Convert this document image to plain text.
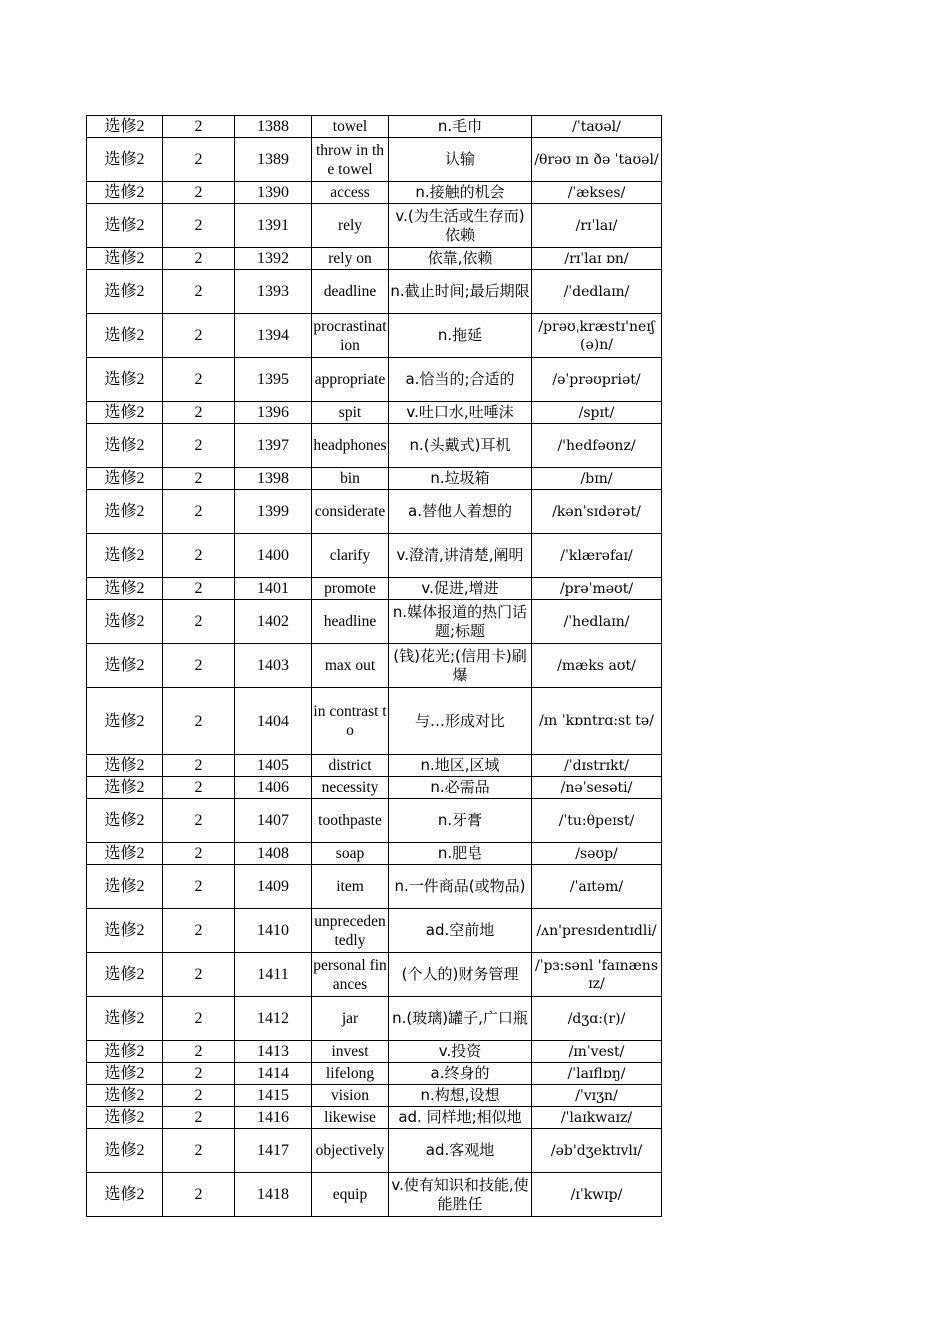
选修2	2	1388	towel	n.毛巾	/ˈtaʊəl/
选修2	2	1389	throw in the towel	认输	/θrəʊ ɪn ðə ˈtaʊəl/
选修2	2	1390	access	n.接触的机会	/ˈækses/
选修2	2	1391	rely	v.(为生活或生存而)依赖	/rɪˈlaɪ/
选修2	2	1392	rely on	依靠,依赖	/rɪˈlaɪ ɒn/
选修2	2	1393	deadline	n.截止时间;最后期限	/ˈdedlaɪn/
选修2	2	1394	procrastination	n.拖延	/prəʊˌkræstɪ'neɪʃ(ə)n/
选修2	2	1395	appropriate	a.恰当的;合适的	/əˈprəʊpriət/
选修2	2	1396	spit	v.吐口水,吐唾沫	/spɪt/
选修2	2	1397	headphones	n.(头戴式)耳机	/'hedfəʊnz/
选修2	2	1398	bin	n.垃圾箱	/bɪn/
选修2	2	1399	considerate	a.替他人着想的	/kənˈsɪdərət/
选修2	2	1400	clarify	v.澄清,讲清楚,阐明	/ˈklærəfaɪ/
选修2	2	1401	promote	v.促进,增进	/prəˈməʊt/
选修2	2	1402	headline	n.媒体报道的热门话题;标题	/ˈhedlaɪn/
选修2	2	1403	max out	(钱)花光;(信用卡)刷爆	/mæks aʊt/
选修2	2	1404	in contrast to	与…形成对比	/ɪn ˈkɒntrɑ:st tə/
选修2	2	1405	district	n.地区,区域	/ˈdɪstrɪkt/
选修2	2	1406	necessity	n.必需品	/nəˈsesəti/
选修2	2	1407	toothpaste	n.牙膏	/ˈtu:θpeɪst/
选修2	2	1408	soap	n.肥皂	/səʊp/
选修2	2	1409	item	n.一件商品(或物品)	/ˈaɪtəm/
选修2	2	1410	unprecedentedly	ad.空前地	/ʌn'presɪdentɪdli/
选修2	2	1411	personal finances	(个人的)财务管理	/ˈpɜ:sənl 'faɪnænsɪz/
选修2	2	1412	jar	n.(玻璃)罐子,广口瓶	/dʒɑ:(r)/
选修2	2	1413	invest	v.投资	/ɪnˈvest/
选修2	2	1414	lifelong	a.终身的	/ˈlaɪflɒŋ/
选修2	2	1415	vision	n.构想,设想	/ˈvɪʒn/
选修2	2	1416	likewise	ad. 同样地;相似地	/ˈlaɪkwaɪz/
选修2	2	1417	objectively	ad.客观地	/əb'dʒektɪvlɪ/
选修2	2	1418	equip	v.使有知识和技能,使能胜任	/ɪˈkwɪp/
